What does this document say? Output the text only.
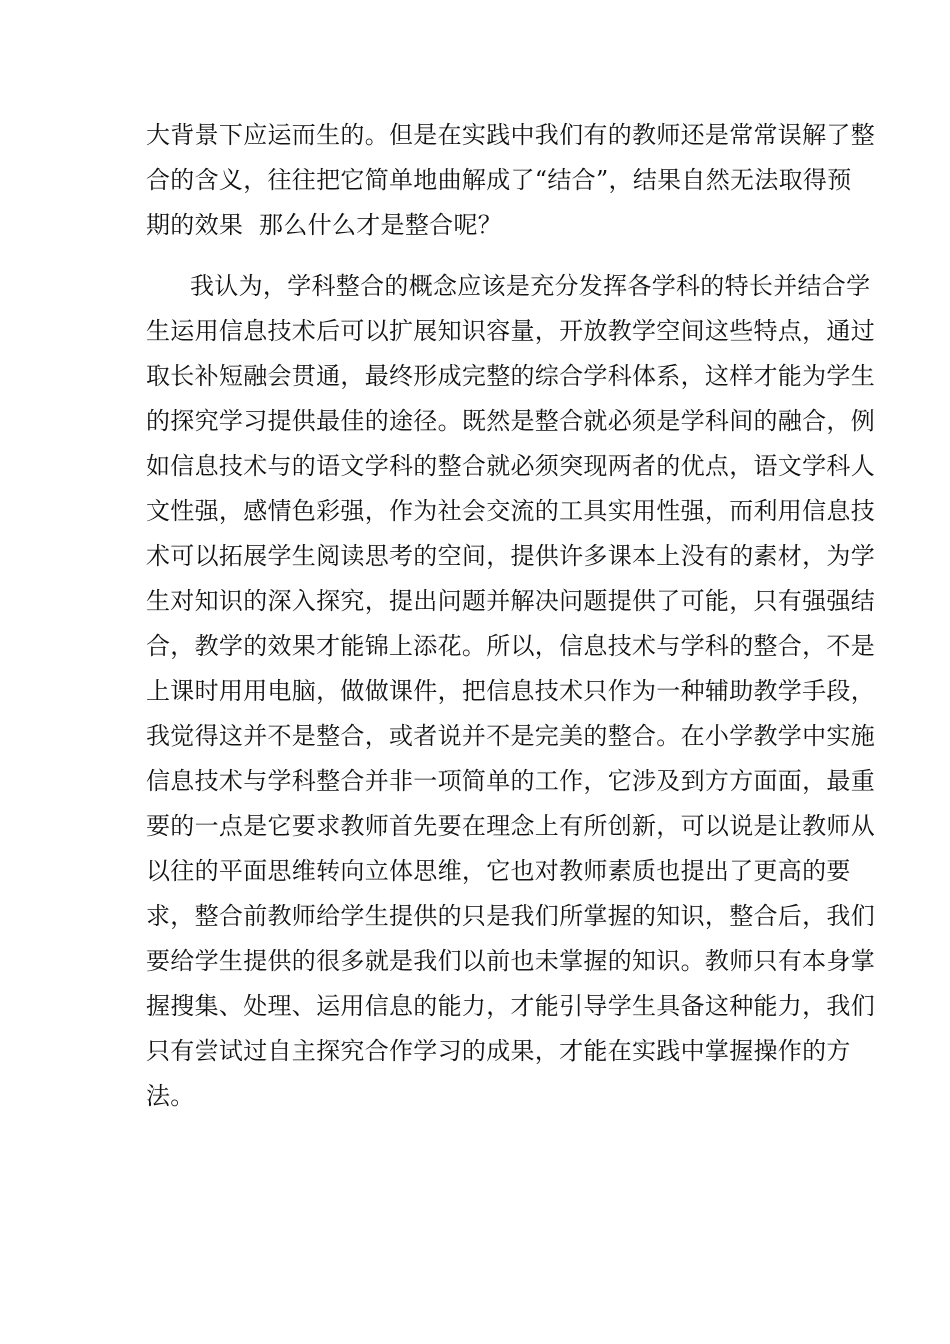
大背景下应运而生的。但是在实践中我们有的教师还是常常误解了整
合的含义，往往把它简单地曲解成了“结合”，结果自然无法取得预
期的效果  那么什么才是整合呢？
我认为，学科整合的概念应该是充分发挥各学科的特长并结合学
生运用信息技术后可以扩展知识容量，开放教学空间这些特点，通过
取长补短融会贯通，最终形成完整的综合学科体系，这样才能为学生
的探究学习提供最佳的途径。既然是整合就必须是学科间的融合，例
如信息技术与的语文学科的整合就必须突现两者的优点，语文学科人
文性强，感情色彩强，作为社会交流的工具实用性强，而利用信息技
术可以拓展学生阅读思考的空间，提供许多课本上没有的素材，为学
生对知识的深入探究，提出问题并解决问题提供了可能，只有强强结
合，教学的效果才能锦上添花。所以，信息技术与学科的整合，不是
上课时用用电脑，做做课件，把信息技术只作为一种辅助教学手段，
我觉得这并不是整合，或者说并不是完美的整合。在小学教学中实施
信息技术与学科整合并非一项简单的工作，它涉及到方方面面，最重
要的一点是它要求教师首先要在理念上有所创新，可以说是让教师从
以往的平面思维转向立体思维，它也对教师素质也提出了更高的要
求，整合前教师给学生提供的只是我们所掌握的知识，整合后，我们
要给学生提供的很多就是我们以前也未掌握的知识。教师只有本身掌
握搜集、处理、运用信息的能力，才能引导学生具备这种能力，我们
只有尝试过自主探究合作学习的成果，才能在实践中掌握操作的方
法。
